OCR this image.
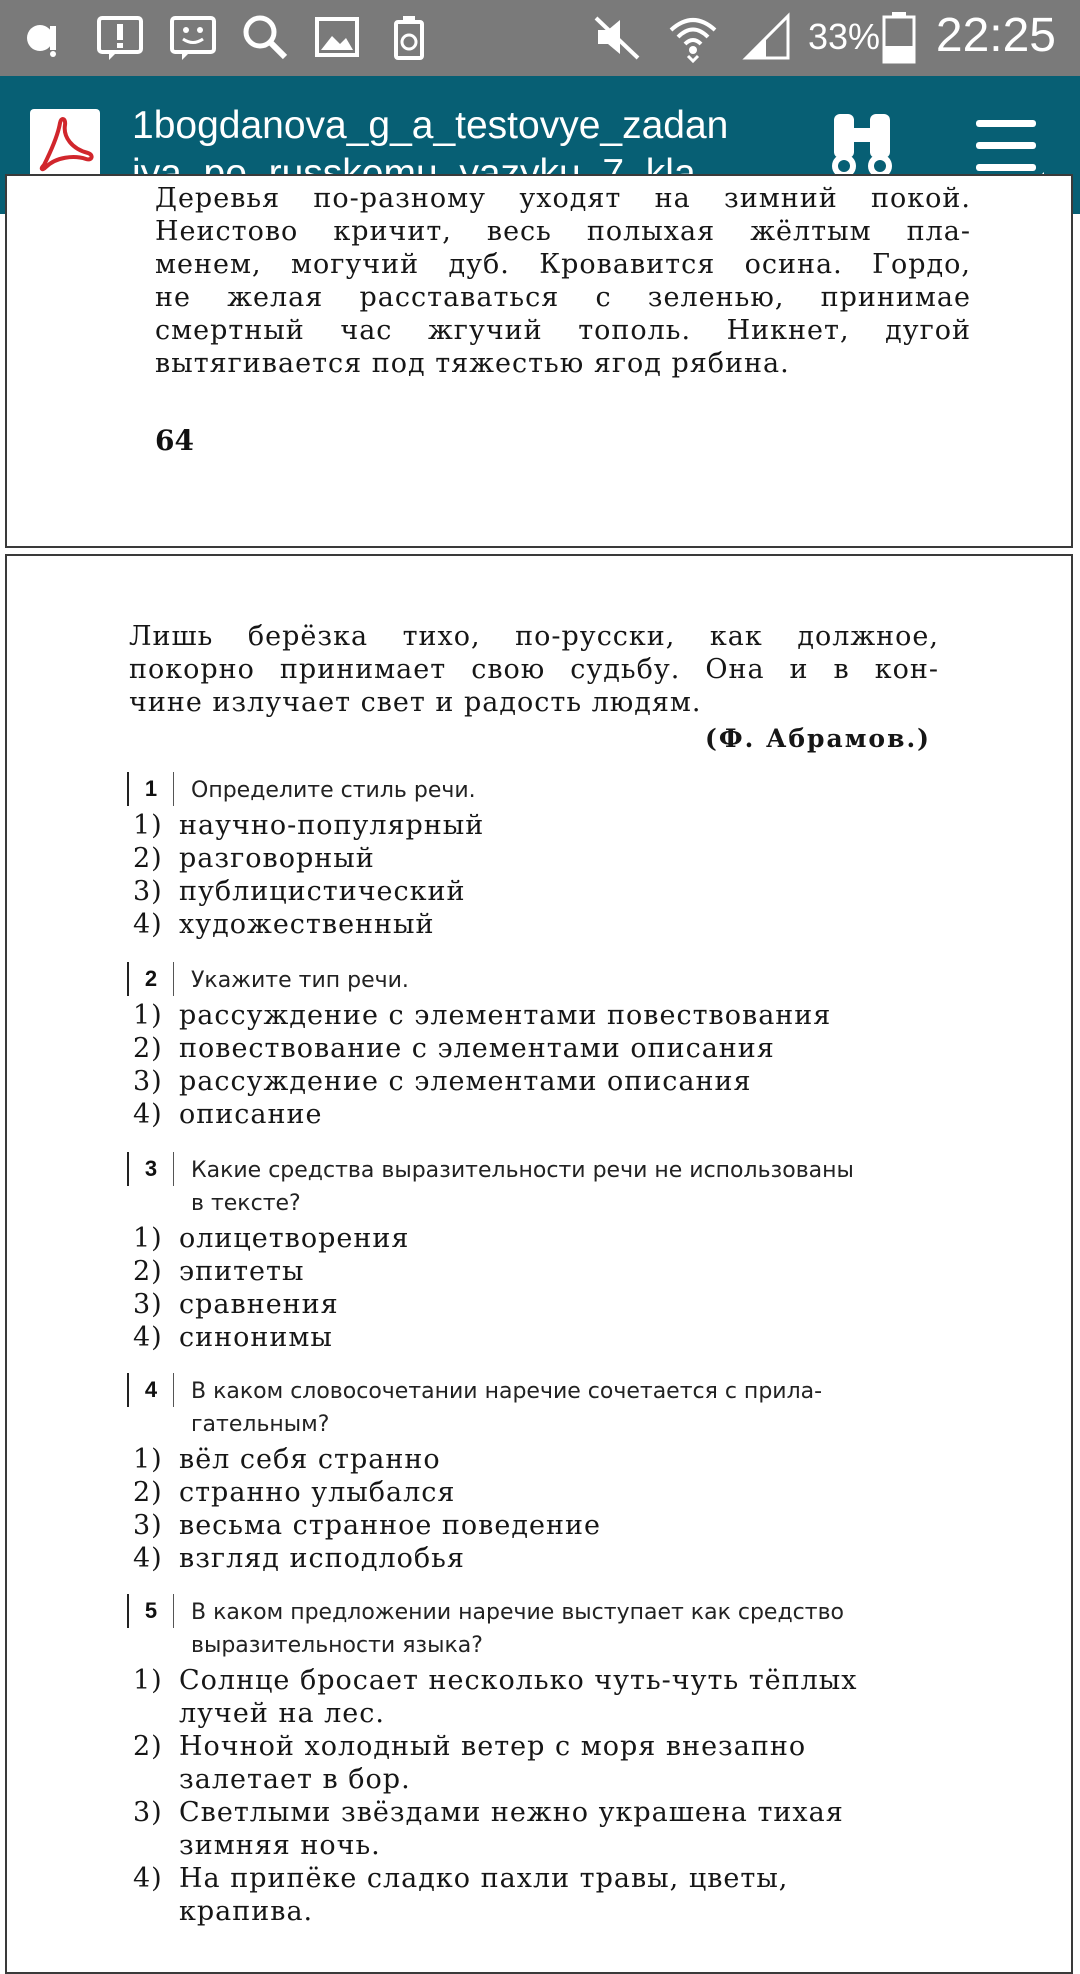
33% 22:25
1bogdanova_g_a_testovye_zadan
Деревья по-разному уходят на зимний покой.
Неистово кричит, весь полыхая жёлтым пла-
менем, могучий дуб. Кровавится осина. Гордо,
не желая расставаться с зеленью, принимае
смертный час жгучий тополь. Никнет, дугой
вытягивается под тяжестью ягод рябина.
64
Лишь берёзка тихо, по-русски, как должное,
покорно принимает свою судьбу. Она и в кон-
чине излучает свет и радость людям.
(Ф. Абрамов.)
1	Определите стиль речи.
1) научно-популярный
2) разговорный
3) публицистический
4) художественный
2	Укажите тип речи.
1) рассуждение с элементами повествования
2) повествование с элементами описания
3) рассуждение с элементами описания
4) описание
3	Какие средства выразительности речи не использованы
в тексте?
1) олицетворения
2) эпитеты
3) сравнения
4) синонимы
4	В каком словосочетании наречие сочетается с прила-
гательным?
1) вёл себя странно
2) странно улыбался
3) весьма странное поведение
4) взгляд исподлобья
5	В каком предложении наречие выступает как средство
выразительности языка?
1) Солнце бросает несколько чуть-чуть тёплых
лучей на лес.
2) Ночной холодный ветер с моря внезапно
залетает в бор.
3) Светлыми звёздами нежно украшена тихая
зимняя ночь.
4) На припёке сладко пахли травы, цветы,
крапива.
